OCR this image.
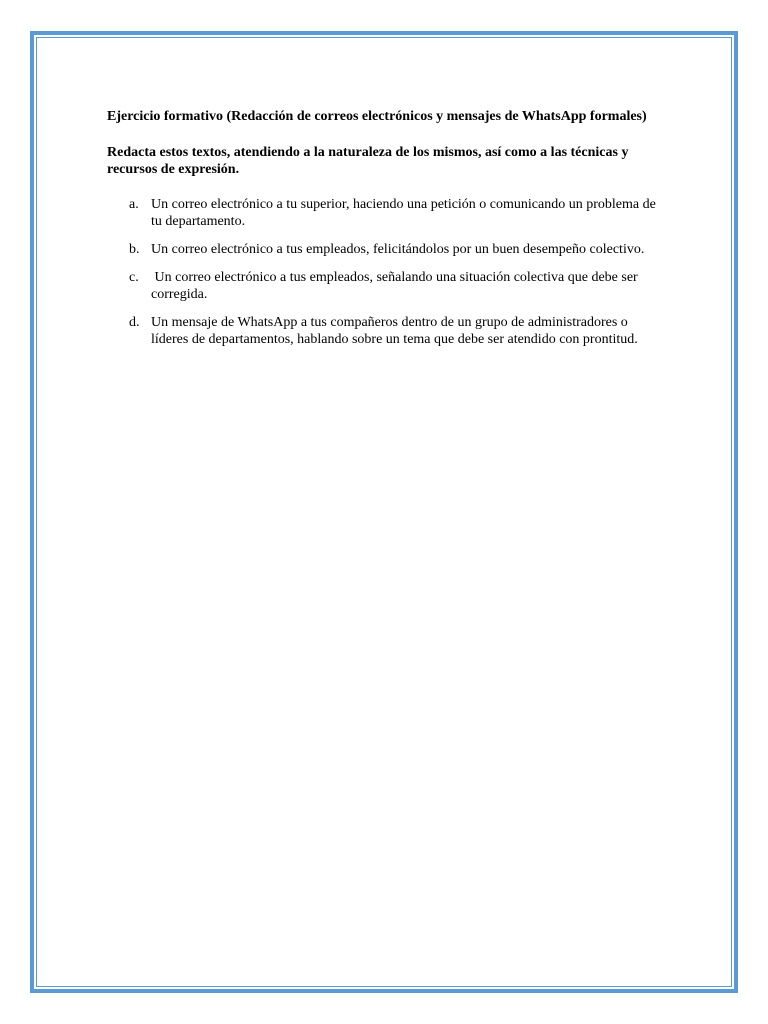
Ejercicio formativo (Redacción de correos electrónicos y mensajes de WhatsApp formales)

Redacta estos textos, atendiendo a la naturaleza de los mismos, así como a las técnicas y recursos de expresión.

a. Un correo electrónico a tu superior, haciendo una petición o comunicando un problema de tu departamento.
b. Un correo electrónico a tus empleados, felicitándolos por un buen desempeño colectivo.
c. Un correo electrónico a tus empleados, señalando una situación colectiva que debe ser corregida.
d. Un mensaje de WhatsApp a tus compañeros dentro de un grupo de administradores o líderes de departamentos, hablando sobre un tema que debe ser atendido con prontitud.
